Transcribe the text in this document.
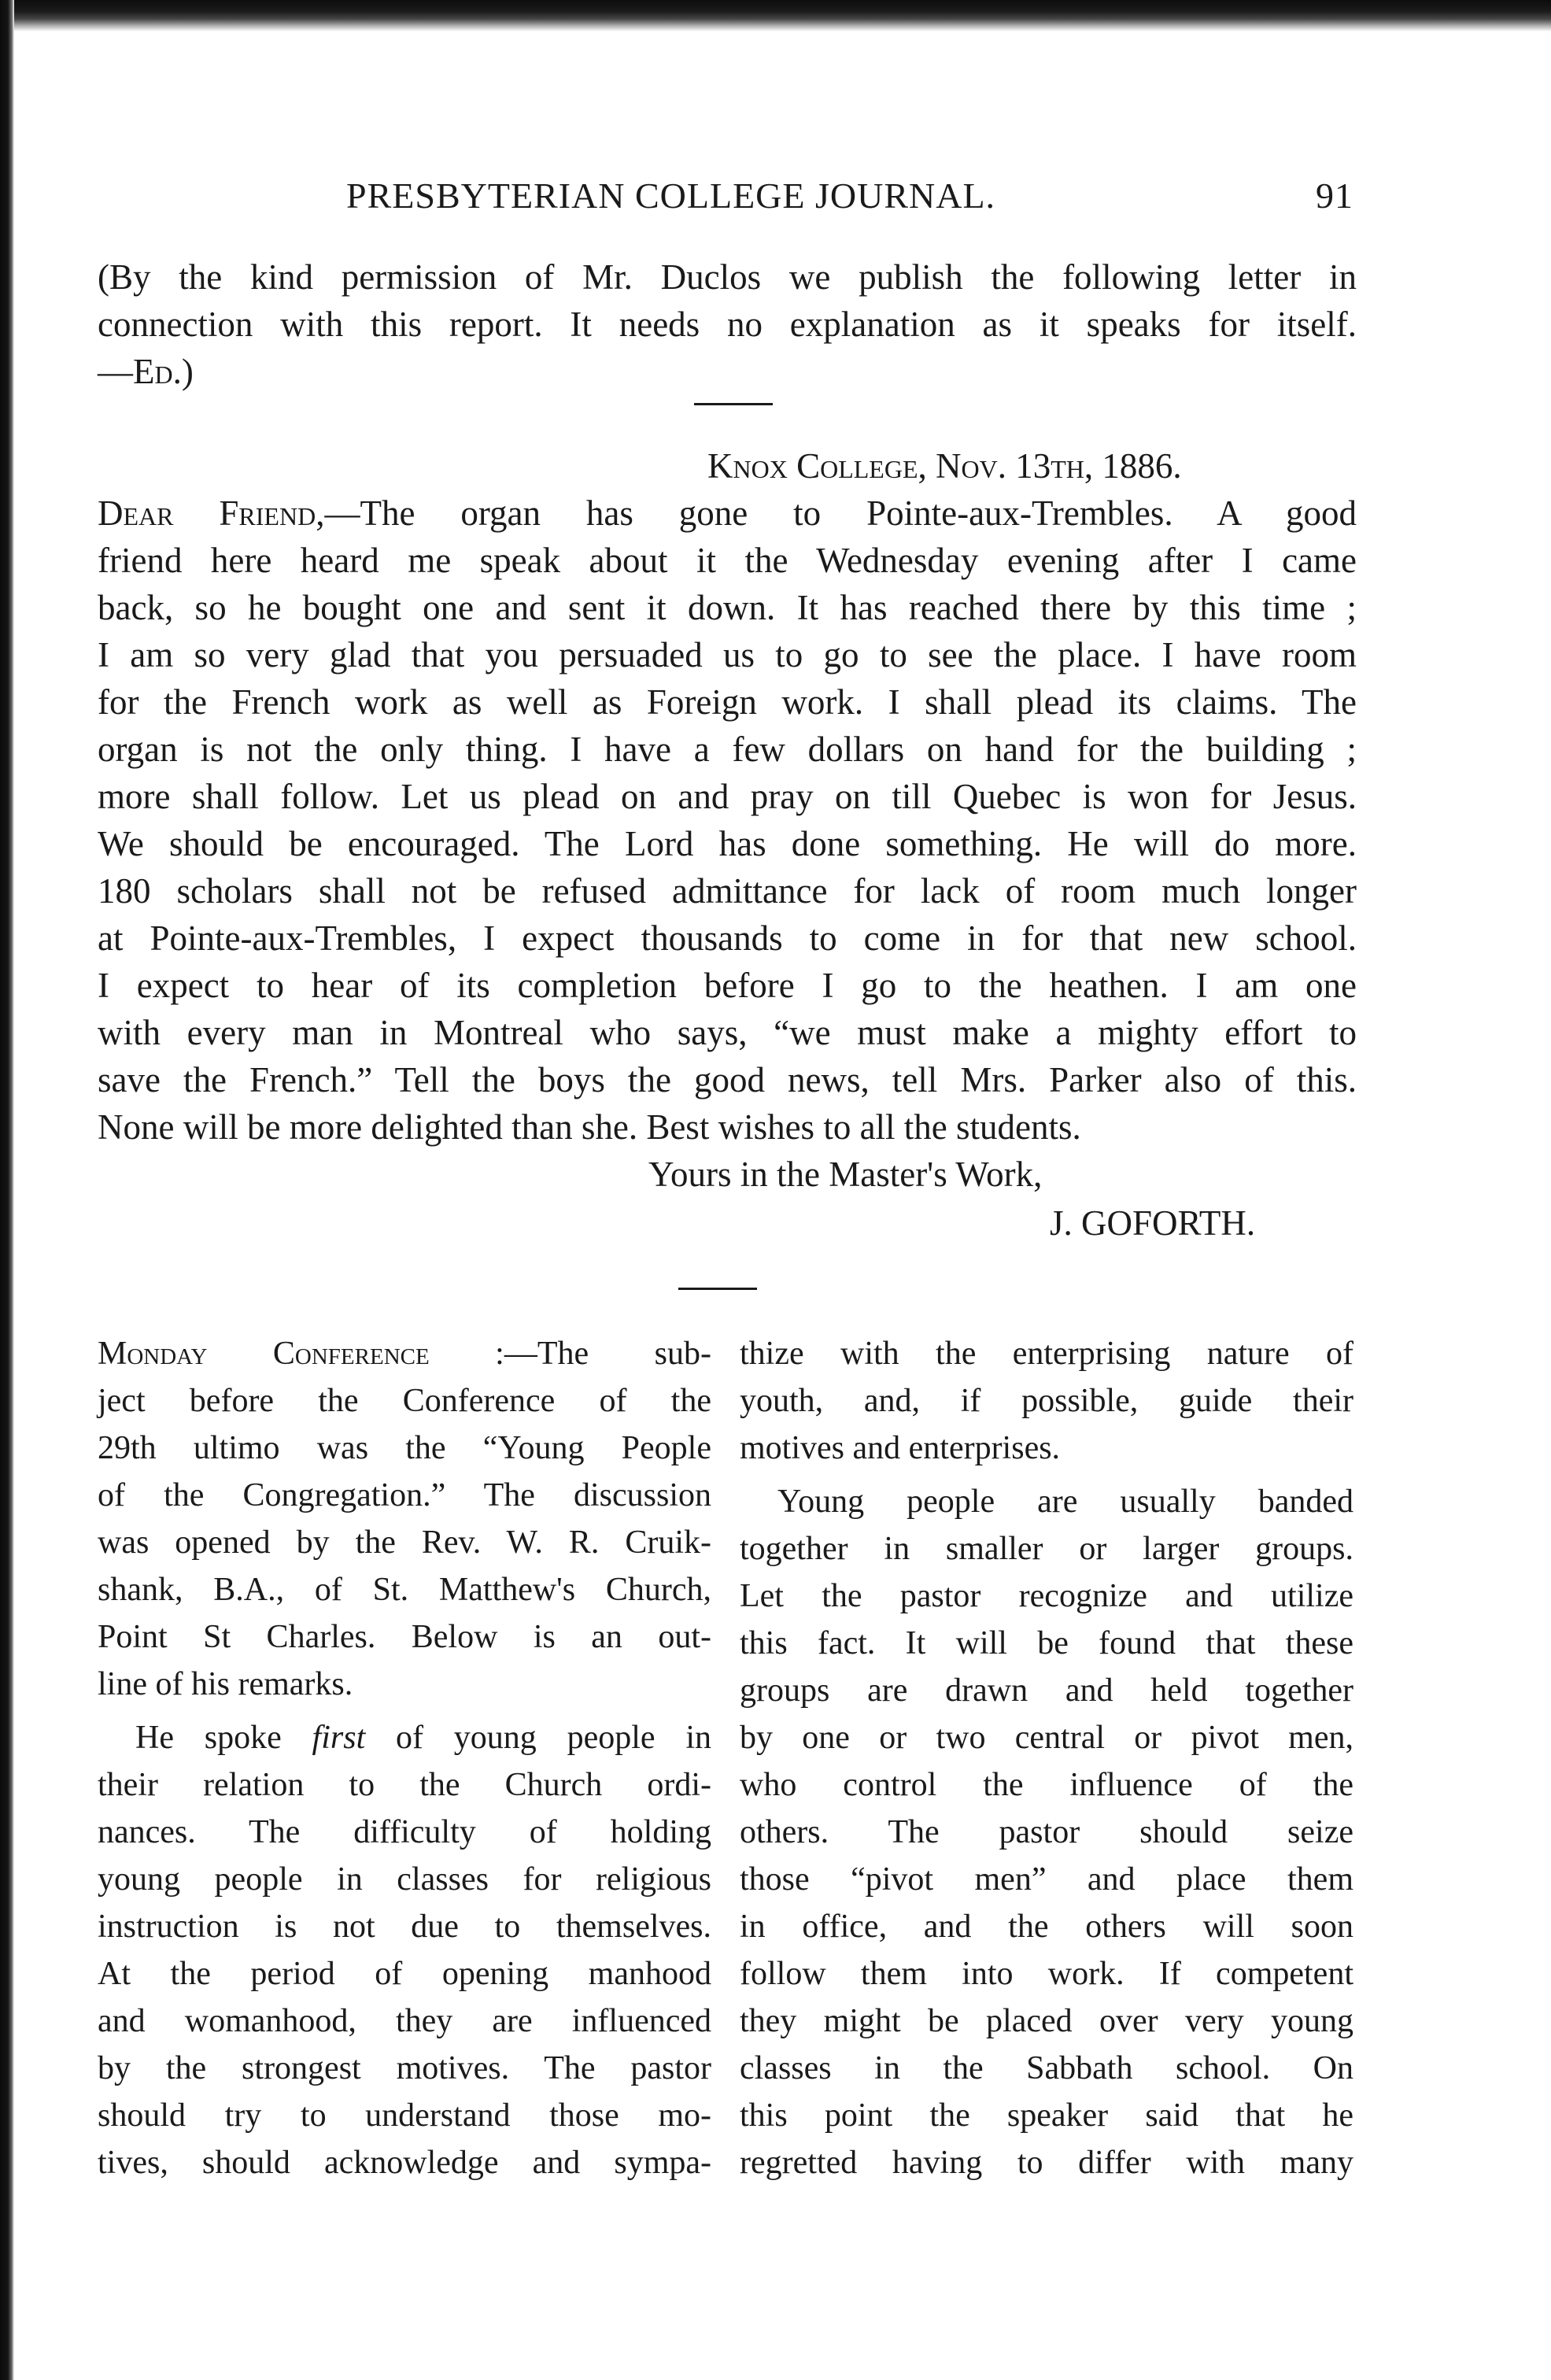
PRESBYTERIAN COLLEGE JOURNAL.	91
(By the kind permission of Mr. Duclos we publish the following letter in
connection with this report. It needs no explanation as it speaks for itself.
—Ed.)
Knox College, Nov. 13th, 1886.
Dear Friend,—The organ has gone to Pointe-aux-Trembles. A good
friend here heard me speak about it the Wednesday evening after I came
back, so he bought one and sent it down. It has reached there by this time ;
I am so very glad that you persuaded us to go to see the place. I have room
for the French work as well as Foreign work. I shall plead its claims. The
organ is not the only thing. I have a few dollars on hand for the building ;
more shall follow. Let us plead on and pray on till Quebec is won for Jesus.
We should be encouraged. The Lord has done something. He will do more.
180 scholars shall not be refused admittance for lack of room much longer
at Pointe-aux-Trembles, I expect thousands to come in for that new school.
I expect to hear of its completion before I go to the heathen. I am one
with every man in Montreal who says, “we must make a mighty effort to
save the French.” Tell the boys the good news, tell Mrs. Parker also of this.
None will be more delighted than she. Best wishes to all the students.
Yours in the Master's Work,
J. GOFORTH.
Monday Conference :—The sub-
ject before the Conference of the
29th ultimo was the “Young People
of the Congregation.” The discussion
was opened by the Rev. W. R. Cruik-
shank, B.A., of St. Matthew's Church,
Point St Charles. Below is an out-
line of his remarks.
He spoke first of young people in
their relation to the Church ordi-
nances. The difficulty of holding
young people in classes for religious
instruction is not due to themselves.
At the period of opening manhood
and womanhood, they are influenced
by the strongest motives. The pastor
should try to understand those mo-
tives, should acknowledge and sympa-
thize with the enterprising nature of
youth, and, if possible, guide their
motives and enterprises.
Young people are usually banded
together in smaller or larger groups.
Let the pastor recognize and utilize
this fact. It will be found that these
groups are drawn and held together
by one or two central or pivot men,
who control the influence of the
others. The pastor should seize
those “pivot men” and place them
in office, and the others will soon
follow them into work. If competent
they might be placed over very young
classes in the Sabbath school. On
this point the speaker said that he
regretted having to differ with many
